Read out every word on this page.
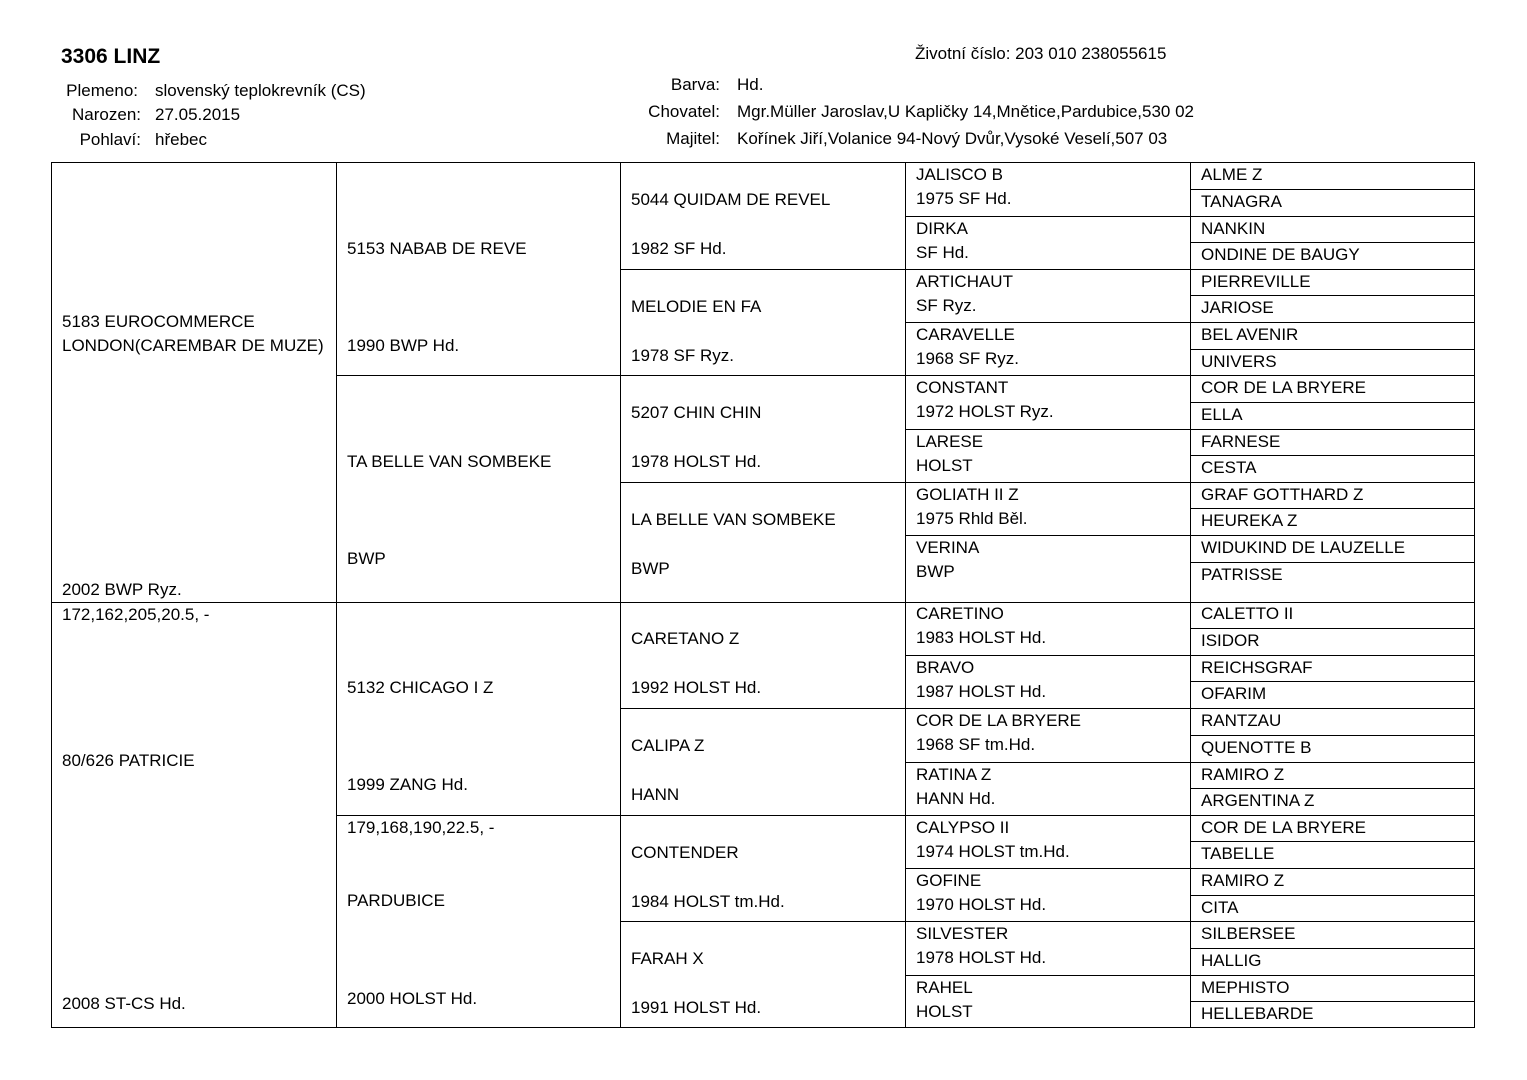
3306 LINZ	Životní číslo: 203 010 238055615
Plemeno: slovenský teplokrevník (CS)
Narozen: 27.05.2015
Pohlaví: hřebec
Barva: Hd.
Chovatel: Mgr.Müller Jaroslav,U Kapličky 14,Mnětice,Pardubice,530 02
Majitel: Kořínek Jiří,Volanice 94-Nový Dvůr,Vysoké Veselí,507 03
5183 EUROCOMMERCE
LONDON(CAREMBAR DE MUZE)
2002 BWP Ryz.
172,162,205,20.5, -
80/626 PATRICIE
2008 ST-CS Hd.
5153 NABAB DE REVE
1990 BWP Hd.
TA BELLE VAN SOMBEKE
BWP
5132 CHICAGO I Z
1999 ZANG Hd.
179,168,190,22.5, -
PARDUBICE
2000 HOLST Hd.
5044 QUIDAM DE REVEL
1982 SF Hd.
MELODIE EN FA
1978 SF Ryz.
5207 CHIN CHIN
1978 HOLST Hd.
LA BELLE VAN SOMBEKE
BWP
CARETANO Z
1992 HOLST Hd.
CALIPA Z
HANN
CONTENDER
1984 HOLST tm.Hd.
FARAH X
1991 HOLST Hd.
JALISCO B
1975 SF Hd.
DIRKA
SF Hd.
ARTICHAUT
SF Ryz.
CARAVELLE
1968 SF Ryz.
CONSTANT
1972 HOLST Ryz.
LARESE
HOLST
GOLIATH II Z
1975 Rhld Běl.
VERINA
BWP
CARETINO
1983 HOLST Hd.
BRAVO
1987 HOLST Hd.
COR DE LA BRYERE
1968 SF tm.Hd.
RATINA Z
HANN Hd.
CALYPSO II
1974 HOLST tm.Hd.
GOFINE
1970 HOLST Hd.
SILVESTER
1978 HOLST Hd.
RAHEL
HOLST
ALME Z
TANAGRA
NANKIN
ONDINE DE BAUGY
PIERREVILLE
JARIOSE
BEL AVENIR
UNIVERS
COR DE LA BRYERE
ELLA
FARNESE
CESTA
GRAF GOTTHARD Z
HEUREKA Z
WIDUKIND DE LAUZELLE
PATRISSE
CALETTO II
ISIDOR
REICHSGRAF
OFARIM
RANTZAU
QUENOTTE B
RAMIRO Z
ARGENTINA Z
COR DE LA BRYERE
TABELLE
RAMIRO Z
CITA
SILBERSEE
HALLIG
MEPHISTO
HELLEBARDE
